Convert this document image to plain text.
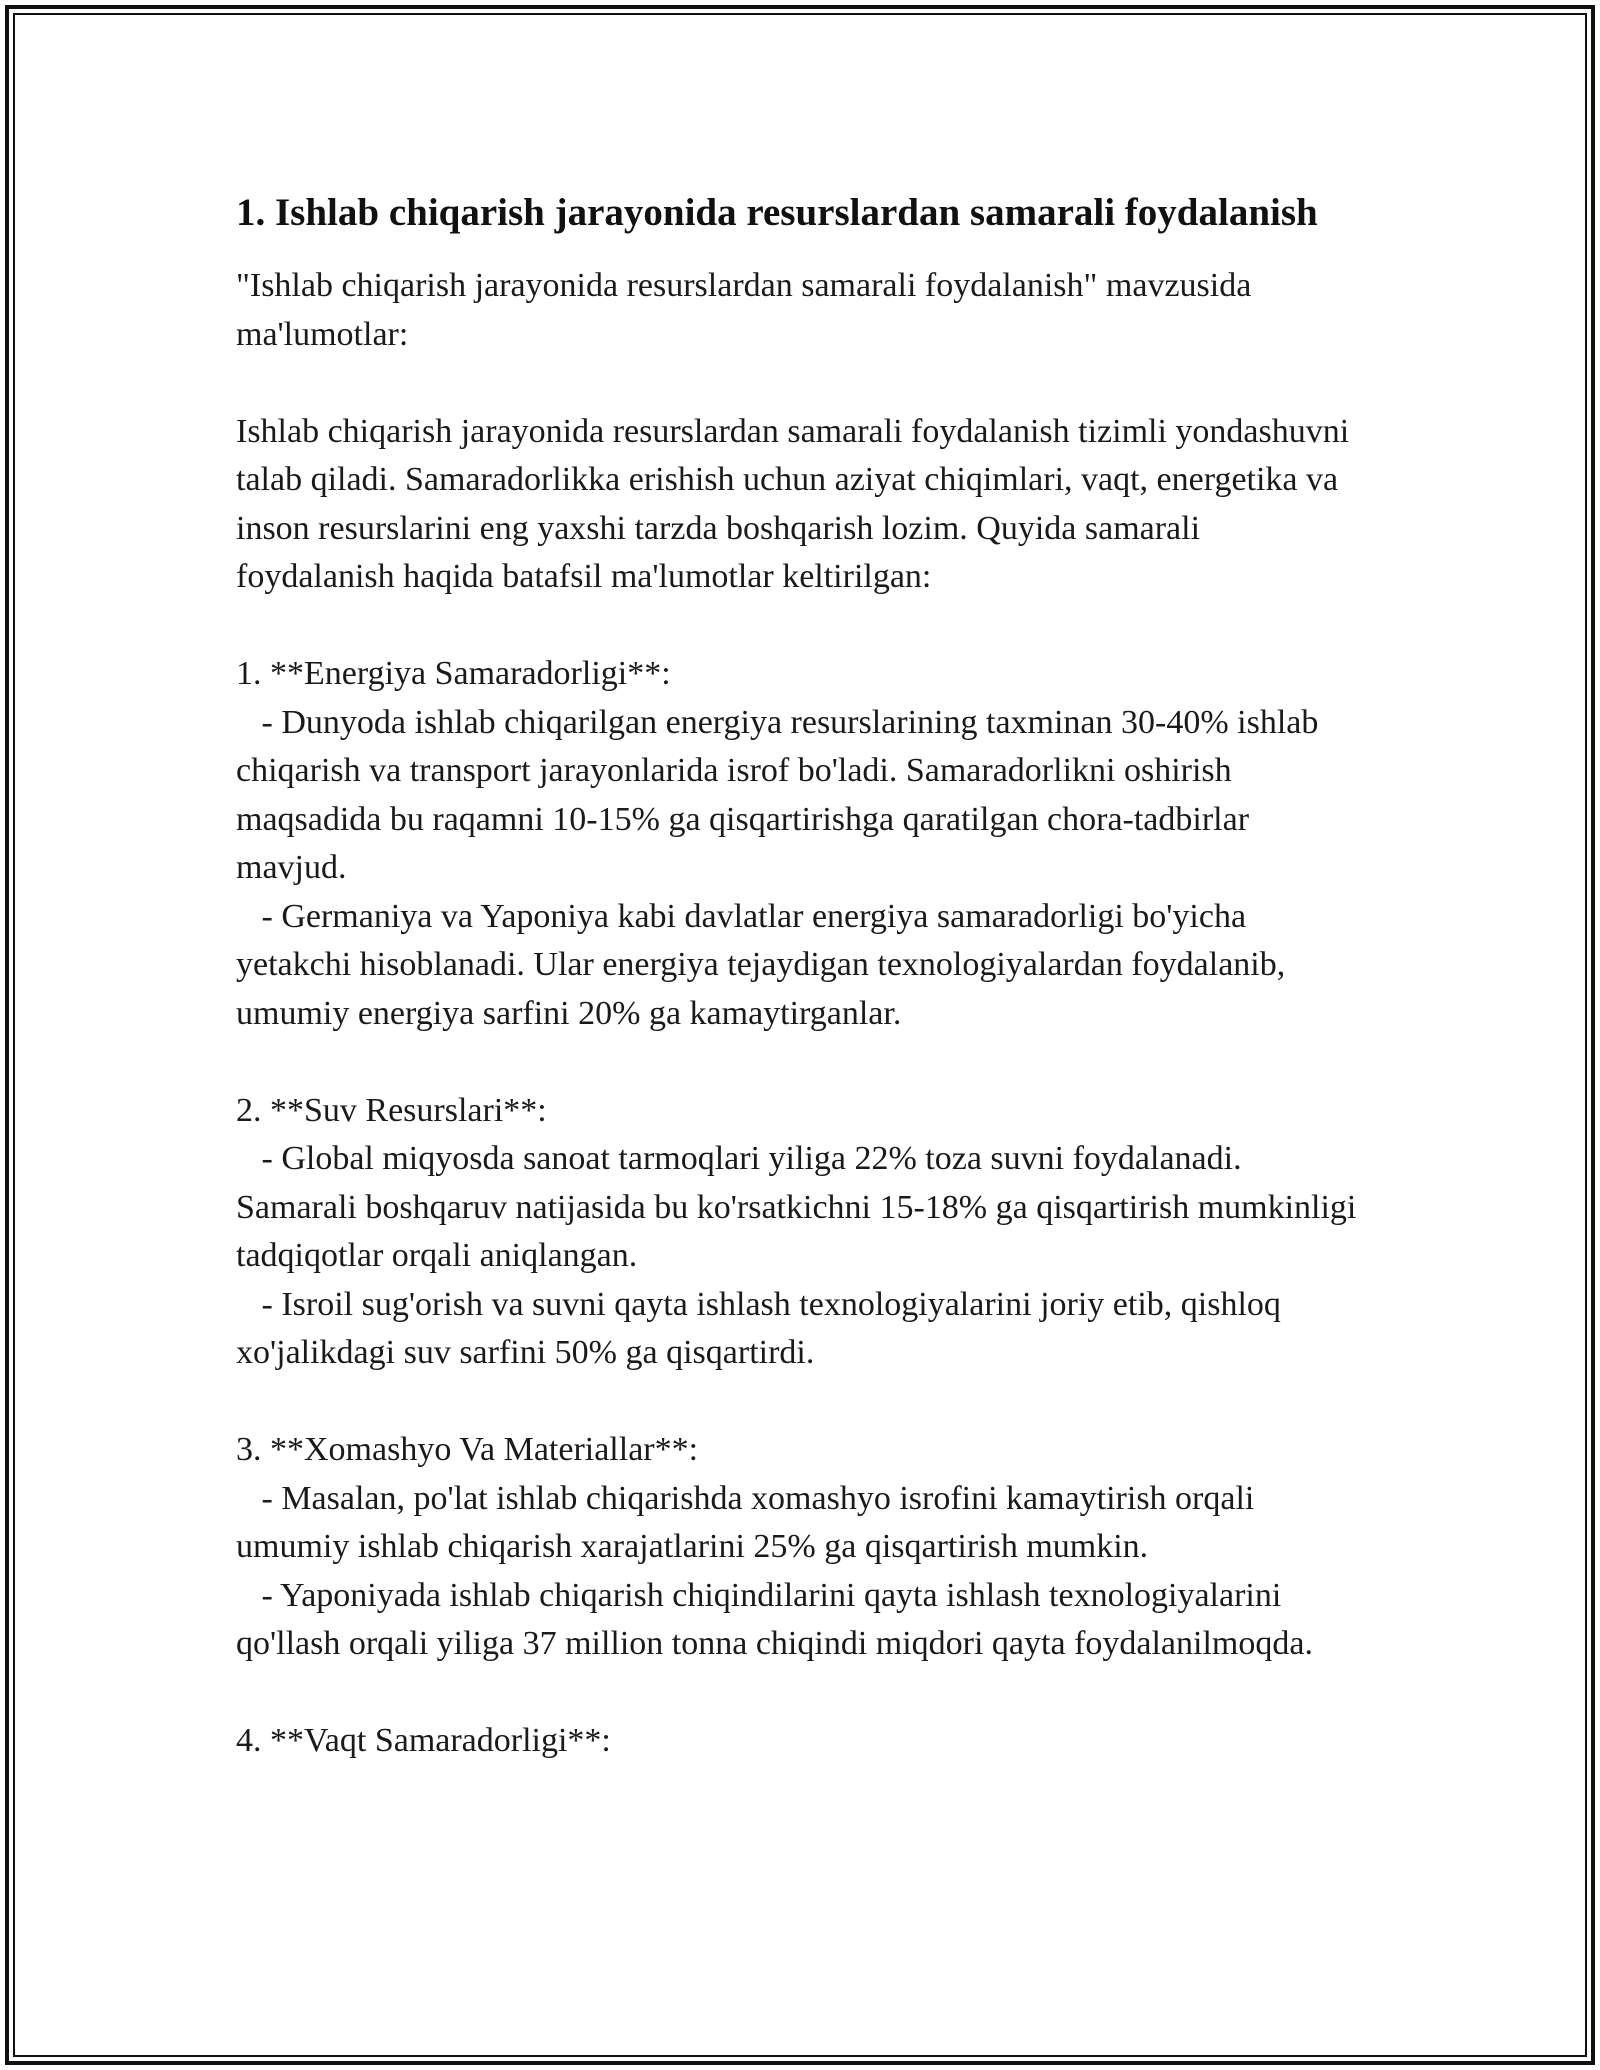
1. Ishlab chiqarish jarayonida resurslardan samarali foydalanish

"Ishlab chiqarish jarayonida resurslardan samarali foydalanish" mavzusida ma'lumotlar:

Ishlab chiqarish jarayonida resurslardan samarali foydalanish tizimli yondashuvni talab qiladi. Samaradorlikka erishish uchun aziyat chiqimlari, vaqt, energetika va inson resurslarini eng yaxshi tarzda boshqarish lozim. Quyida samarali foydalanish haqida batafsil ma'lumotlar keltirilgan:

1. **Energiya Samaradorligi**:

- Dunyoda ishlab chiqarilgan energiya resurslarining taxminan 30-40% ishlab chiqarish va transport jarayonlarida isrof bo'ladi. Samaradorlikni oshirish maqsadida bu raqamni 10-15% ga qisqartirishga qaratilgan chora-tadbirlar mavjud.

- Germaniya va Yaponiya kabi davlatlar energiya samaradorligi bo'yicha yetakchi hisoblanadi. Ular energiya tejaydigan texnologiyalardan foydalanib, umumiy energiya sarfini 20% ga kamaytirganlar.

2. **Suv Resurslari**:

- Global miqyosda sanoat tarmoqlari yiliga 22% toza suvni foydalanadi. Samarali boshqaruv natijasida bu ko'rsatkichni 15-18% ga qisqartirish mumkinligi tadqiqotlar orqali aniqlangan.

- Isroil sug'orish va suvni qayta ishlash texnologiyalarini joriy etib, qishloq xo'jalikdagi suv sarfini 50% ga qisqartirdi.

3. **Xomashyo Va Materiallar**:

- Masalan, po'lat ishlab chiqarishda xomashyo isrofini kamaytirish orqali umumiy ishlab chiqarish xarajatlarini 25% ga qisqartirish mumkin.

- Yaponiyada ishlab chiqarish chiqindilarini qayta ishlash texnologiyalarini qo'llash orqali yiliga 37 million tonna chiqindi miqdori qayta foydalanilmoqda.

4. **Vaqt Samaradorligi**:
